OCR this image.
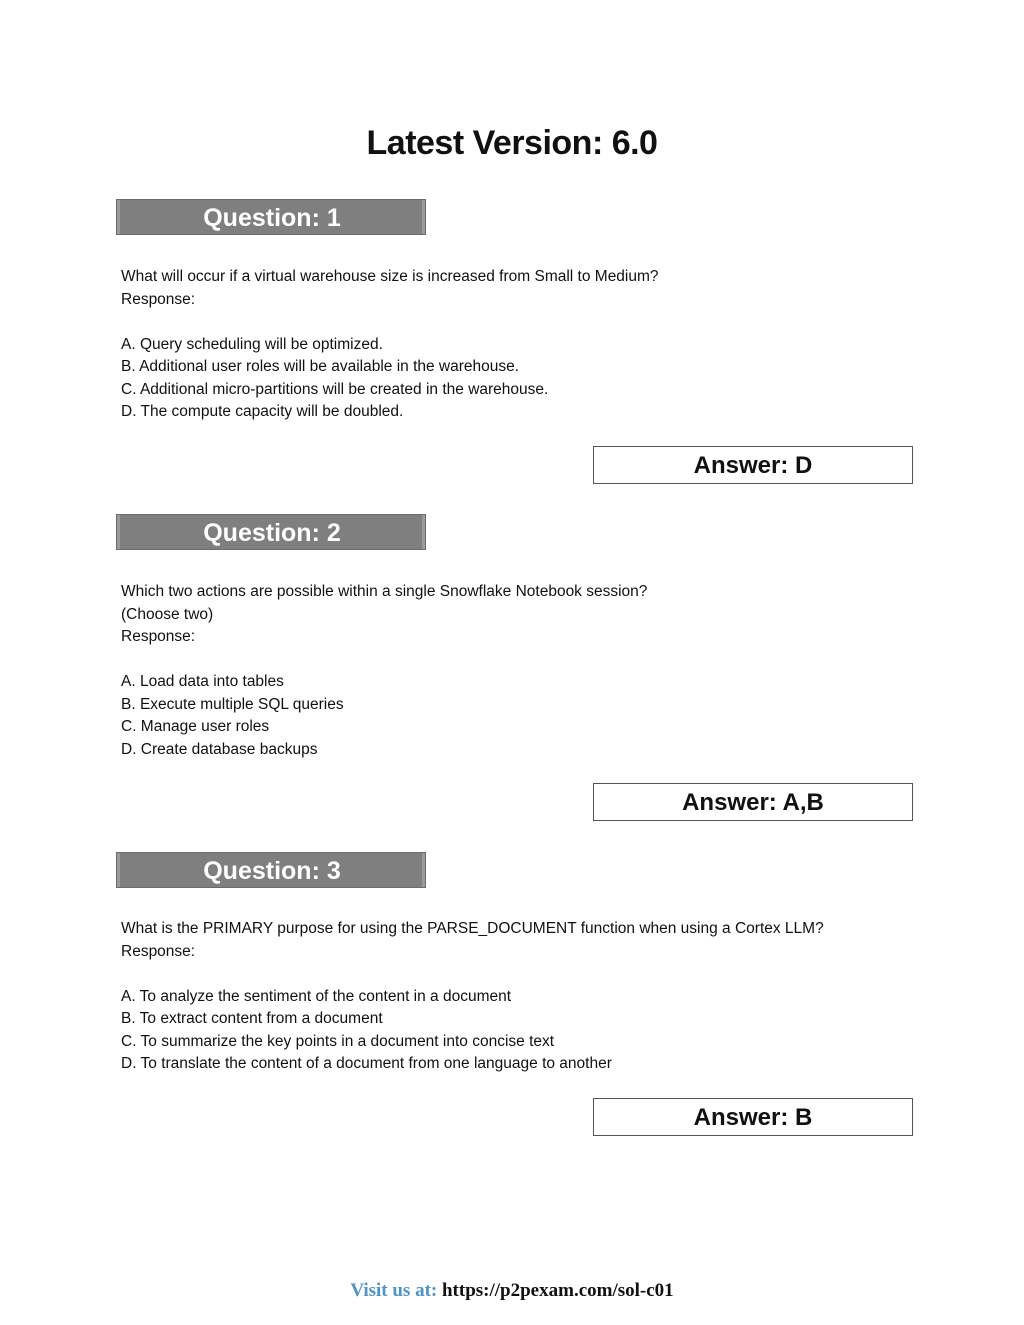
Latest Version: 6.0
Question: 1
What will occur if a virtual warehouse size is increased from Small to Medium?
Response:
A. Query scheduling will be optimized.
B. Additional user roles will be available in the warehouse.
C. Additional micro-partitions will be created in the warehouse.
D. The compute capacity will be doubled.
Answer: D
Question: 2
Which two actions are possible within a single Snowflake Notebook session?
(Choose two)
Response:
A. Load data into tables
B. Execute multiple SQL queries
C. Manage user roles
D. Create database backups
Answer: A,B
Question: 3
What is the PRIMARY purpose for using the PARSE_DOCUMENT function when using a Cortex LLM?
Response:
A. To analyze the sentiment of the content in a document
B. To extract content from a document
C. To summarize the key points in a document into concise text
D. To translate the content of a document from one language to another
Answer: B
Visit us at: https://p2pexam.com/sol-c01
